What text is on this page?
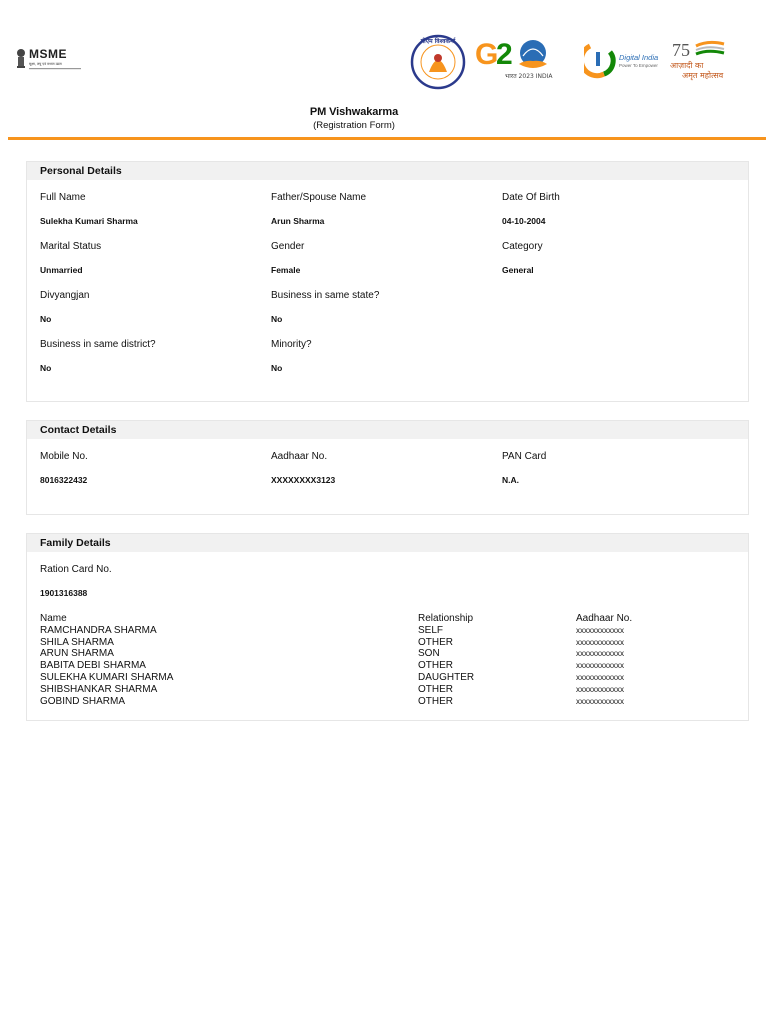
MSME
सूक्ष्म, लघु एवं मध्यम उद्यम
पीएम विश्वकर्मा G
2
भारत 2023 INDIA
Digital India
Power To Empower
75
आज़ादी का
अमृत महोत्सव
PM Vishwakarma
(Registration Form)
Personal Details
Full Name
Sulekha Kumari Sharma
Father/Spouse Name
Arun Sharma
Date Of Birth
04-10-2004
Marital Status
Unmarried
Gender
Female
Category
General
Divyangjan
No
Business in same state?
No
Business in same district?
No
Minority?
No
Contact Details
Mobile No.
8016322432
Aadhaar No.
XXXXXXXX3123
PAN Card
N.A.
Family Details
Ration Card No.
1901316388
Name	Relationship	Aadhaar No.
RAMCHANDRA SHARMA	SELF	xxxxxxxxxxxx
SHILA SHARMA	OTHER	xxxxxxxxxxxx
ARUN SHARMA	SON	xxxxxxxxxxxx
BABITA DEBI SHARMA	OTHER	xxxxxxxxxxxx
SULEKHA KUMARI SHARMA	DAUGHTER	xxxxxxxxxxxx
SHIBSHANKAR SHARMA	OTHER	xxxxxxxxxxxx
GOBIND SHARMA	OTHER	xxxxxxxxxxxx
